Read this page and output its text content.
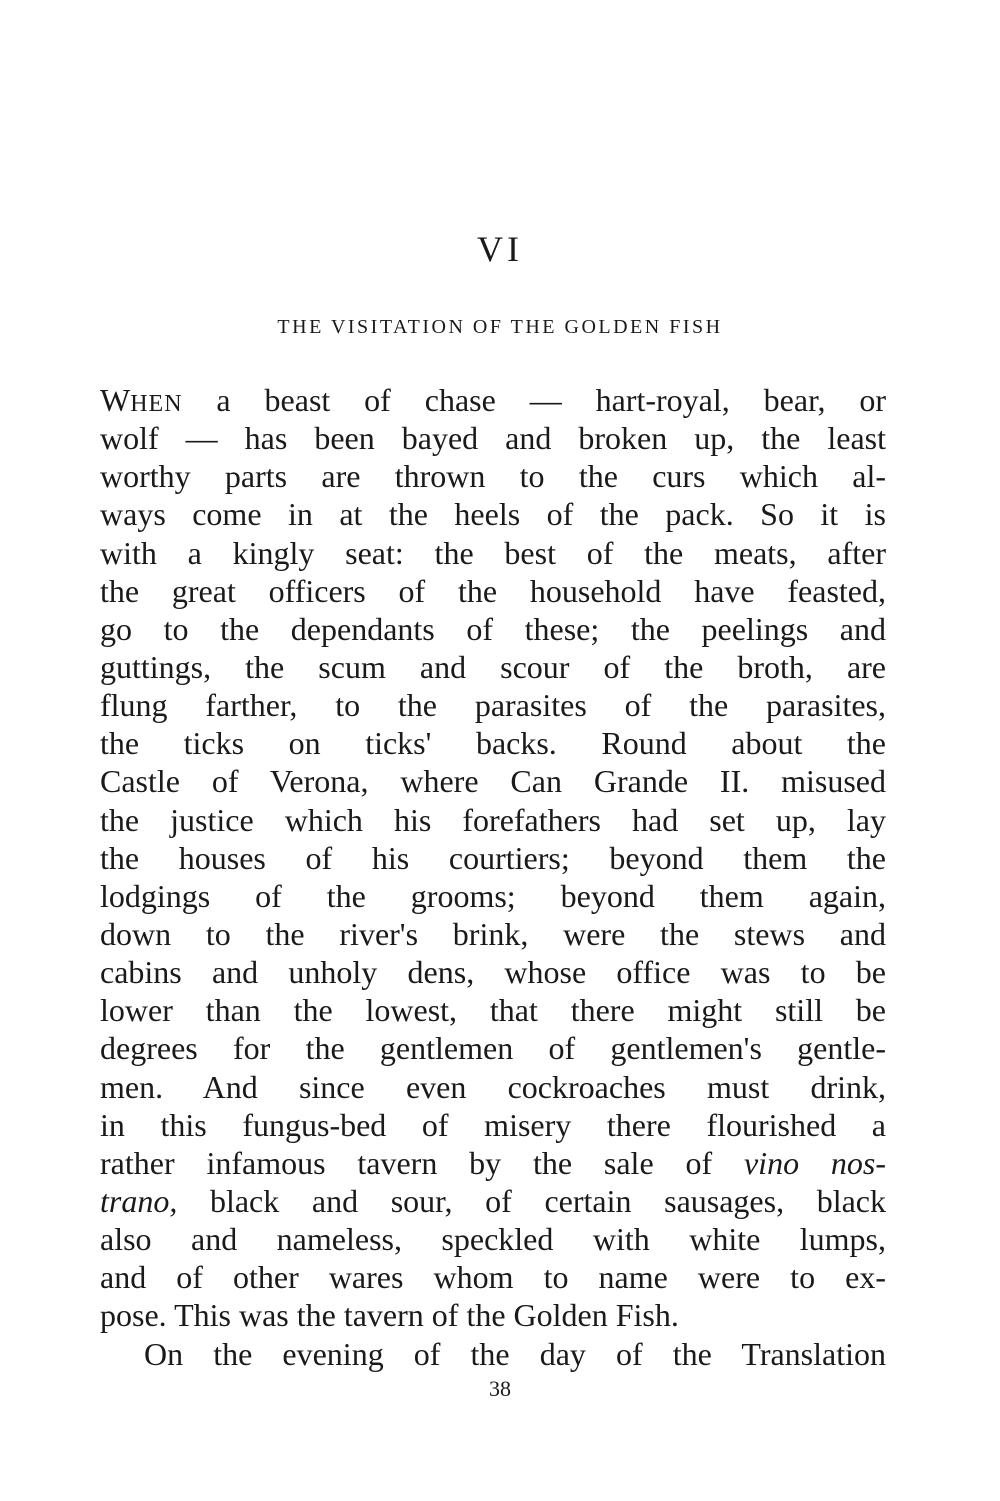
VI
THE VISITATION OF THE GOLDEN FISH
WHEN a beast of chase — hart-royal, bear, or
wolf — has been bayed and broken up, the least
worthy parts are thrown to the curs which al-
ways come in at the heels of the pack. So it is
with a kingly seat: the best of the meats, after
the great officers of the household have feasted,
go to the dependants of these; the peelings and
guttings, the scum and scour of the broth, are
flung farther, to the parasites of the parasites,
the ticks on ticks' backs. Round about the
Castle of Verona, where Can Grande II. misused
the justice which his forefathers had set up, lay
the houses of his courtiers; beyond them the
lodgings of the grooms; beyond them again,
down to the river's brink, were the stews and
cabins and unholy dens, whose office was to be
lower than the lowest, that there might still be
degrees for the gentlemen of gentlemen's gentle-
men. And since even cockroaches must drink,
in this fungus-bed of misery there flourished a
rather infamous tavern by the sale of vino nos-
trano, black and sour, of certain sausages, black
also and nameless, speckled with white lumps,
and of other wares whom to name were to ex-
pose. This was the tavern of the Golden Fish.
On the evening of the day of the Translation
38
